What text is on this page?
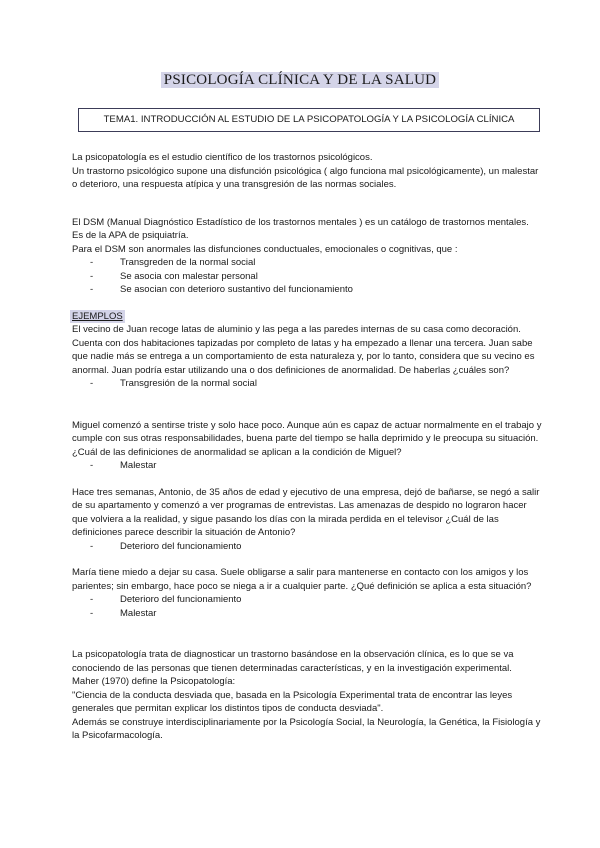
PSICOLOGÍA CLÍNICA Y DE LA SALUD
TEMA1. INTRODUCCIÓN AL ESTUDIO DE LA PSICOPATOLOGÍA Y LA PSICOLOGÍA CLÍNICA

La psicopatología es el estudio científico de los trastornos psicológicos.

Un trastorno psicológico supone una disfunción psicológica ( algo funciona mal psicológicamente), un malestar o deterioro, una respuesta atípica y una transgresión de las normas sociales.

El DSM (Manual Diagnóstico Estadístico de los trastornos mentales ) es un catálogo de trastornos mentales. Es de la APA de psiquiatría.

Para el DSM son anormales las disfunciones conductuales, emocionales o cognitivas, que :

- Transgreden de la normal social
- Se asocia con malestar personal
- Se asocian con deterioro sustantivo del funcionamiento

EJEMPLOS

El vecino de Juan recoge latas de aluminio y las pega a las paredes internas de su casa como decoración. Cuenta con dos habitaciones tapizadas por completo de latas y ha empezado a llenar una tercera. Juan sabe que nadie más se entrega a un comportamiento de esta naturaleza y, por lo tanto, considera que su vecino es anormal. Juan podría estar utilizando una o dos definiciones de anormalidad. De haberlas ¿cuáles son?

- Transgresión de la normal social

Miguel comenzó a sentirse triste y solo hace poco. Aunque aún es capaz de actuar normalmente en el trabajo y cumple con sus otras responsabilidades, buena parte del tiempo se halla deprimido y le preocupa su situación. ¿Cuál de las definiciones de anormalidad se aplican a la condición de Miguel?

- Malestar

Hace tres semanas, Antonio, de 35 años de edad y ejecutivo de una empresa, dejó de bañarse, se negó a salir de su apartamento y comenzó a ver programas de entrevistas. Las amenazas de despido no lograron hacer que volviera a la realidad, y sigue pasando los días con la mirada perdida en el televisor ¿Cuál de las definiciones parece describir la situación de Antonio?

- Deterioro del funcionamiento

María tiene miedo a dejar su casa. Suele obligarse a salir para mantenerse en contacto con los amigos y los parientes; sin embargo, hace poco se niega a ir a cualquier parte. ¿Qué definición se aplica a esta situación?

- Deterioro del funcionamiento
- Malestar

La psicopatología trata de diagnosticar un trastorno basándose en la observación clínica, es lo que se va conociendo de las personas que tienen determinadas características, y en la investigación experimental.

Maher (1970) define la Psicopatología:

"Ciencia de la conducta desviada que, basada en la Psicología Experimental trata de encontrar las leyes generales que permitan explicar los distintos tipos de conducta desviada".

Además se construye interdisciplinariamente por la Psicología Social, la Neurología, la Genética, la Fisiología y la Psicofarmacología.
